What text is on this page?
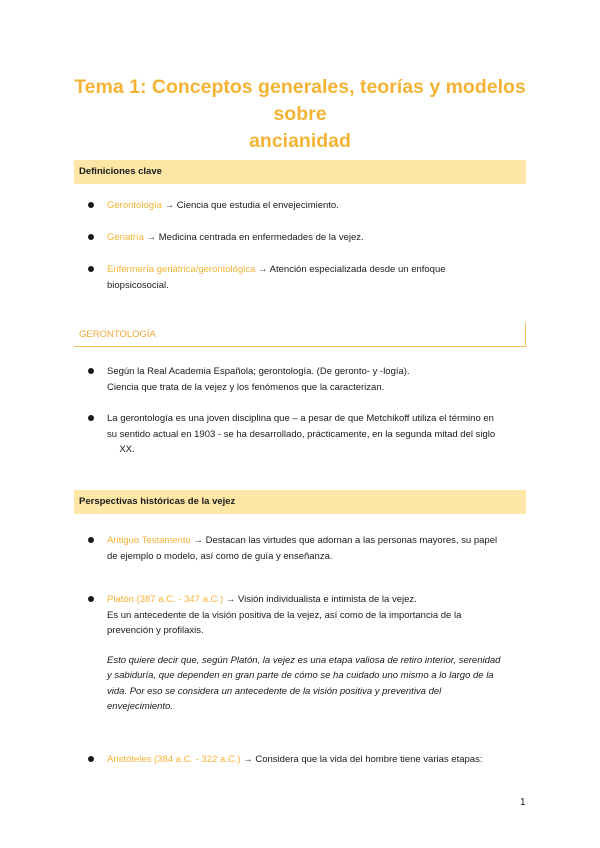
Tema 1: Conceptos generales, teorías y modelos sobre
ancianidad
Definiciones clave
Gerontología → Ciencia que estudia el envejecimiento.
Geriatría → Medicina centrada en enfermedades de la vejez.
Enfermería geriátrica/gerontológica → Atención especializada desde un enfoque
biopsicosocial.
GERONTOLOGÍA
Según la Real Academia Española; gerontología. (De geronto- y -logía).
Ciencia que trata de la vejez y los fenómenos que la caracterizan.
La gerontología es una joven disciplina que – a pesar de que Metchikoff utiliza el término en
su sentido actual en 1903 - se ha desarrollado, prácticamente, en la segunda mitad del siglo
XX.
Perspectivas históricas de la vejez
Antiguo Testamento → Destacan las virtudes que adornan a las personas mayores, su papel
de ejemplo o modelo, así como de guía y enseñanza.
Platón (387 a.C. - 347 a.C.) → Visión individualista e intimista de la vejez.
Es un antecedente de la visión positiva de la vejez, así como de la importancia de la
prevención y profilaxis.
Esto quiere decir que, según Platón, la vejez es una etapa valiosa de retiro interior, serenidad
y sabiduría, que dependen en gran parte de cómo se ha cuidado uno mismo a lo largo de la
vida. Por eso se considera un antecedente de la visión positiva y preventiva del
envejecimiento.
Aristóteles (384 a.C. - 322 a.C.) → Considera que la vida del hombre tiene varias etapas:
1
